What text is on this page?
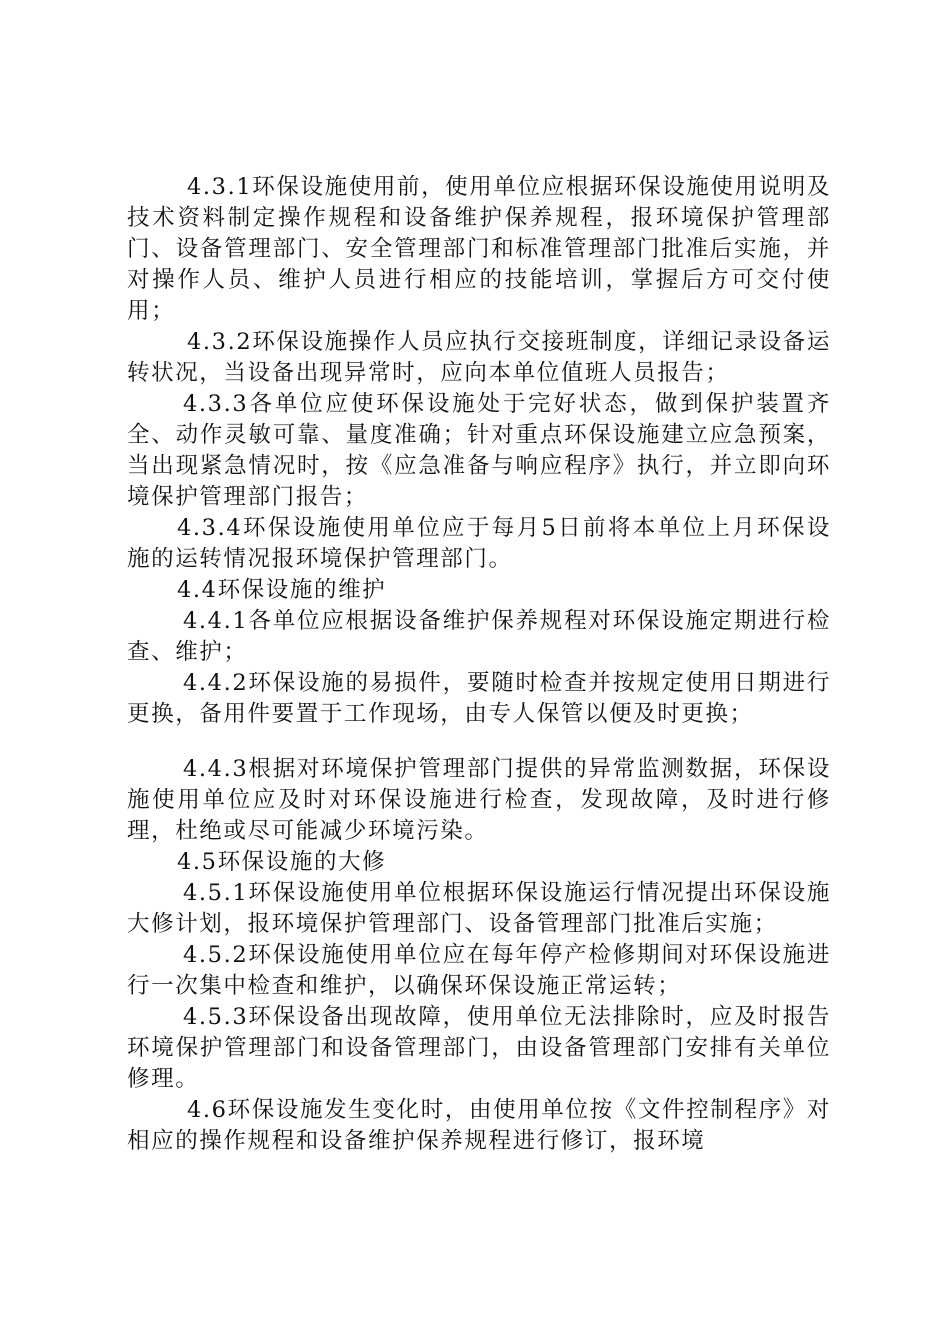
4.3.1环保设施使用前，使用单位应根据环保设施使用说明及技术资料制定操作规程和设备维护保养规程，报环境保护管理部门、设备管理部门、安全管理部门和标准管理部门批准后实施，并对操作人员、维护人员进行相应的技能培训，掌握后方可交付使用；

4.3.2环保设施操作人员应执行交接班制度，详细记录设备运转状况，当设备出现异常时，应向本单位值班人员报告；

4.3.3各单位应使环保设施处于完好状态，做到保护装置齐全、动作灵敏可靠、量度准确；针对重点环保设施建立应急预案，当出现紧急情况时，按《应急准备与响应程序》执行，并立即向环境保护管理部门报告；

4.3.4环保设施使用单位应于每月5日前将本单位上月环保设施的运转情况报环境保护管理部门。

4.4环保设施的维护

4.4.1各单位应根据设备维护保养规程对环保设施定期进行检查、维护；

4.4.2环保设施的易损件，要随时检查并按规定使用日期进行更换，备用件要置于工作现场，由专人保管以便及时更换；

4.4.3根据对环境保护管理部门提供的异常监测数据，环保设施使用单位应及时对环保设施进行检查，发现故障，及时进行修理，杜绝或尽可能减少环境污染。

4.5环保设施的大修

4.5.1环保设施使用单位根据环保设施运行情况提出环保设施大修计划，报环境保护管理部门、设备管理部门批准后实施；

4.5.2环保设施使用单位应在每年停产检修期间对环保设施进行一次集中检查和维护，以确保环保设施正常运转；

4.5.3环保设备出现故障，使用单位无法排除时，应及时报告环境保护管理部门和设备管理部门，由设备管理部门安排有关单位修理。

4.6环保设施发生变化时，由使用单位按《文件控制程序》对相应的操作规程和设备维护保养规程进行修订，报环境
